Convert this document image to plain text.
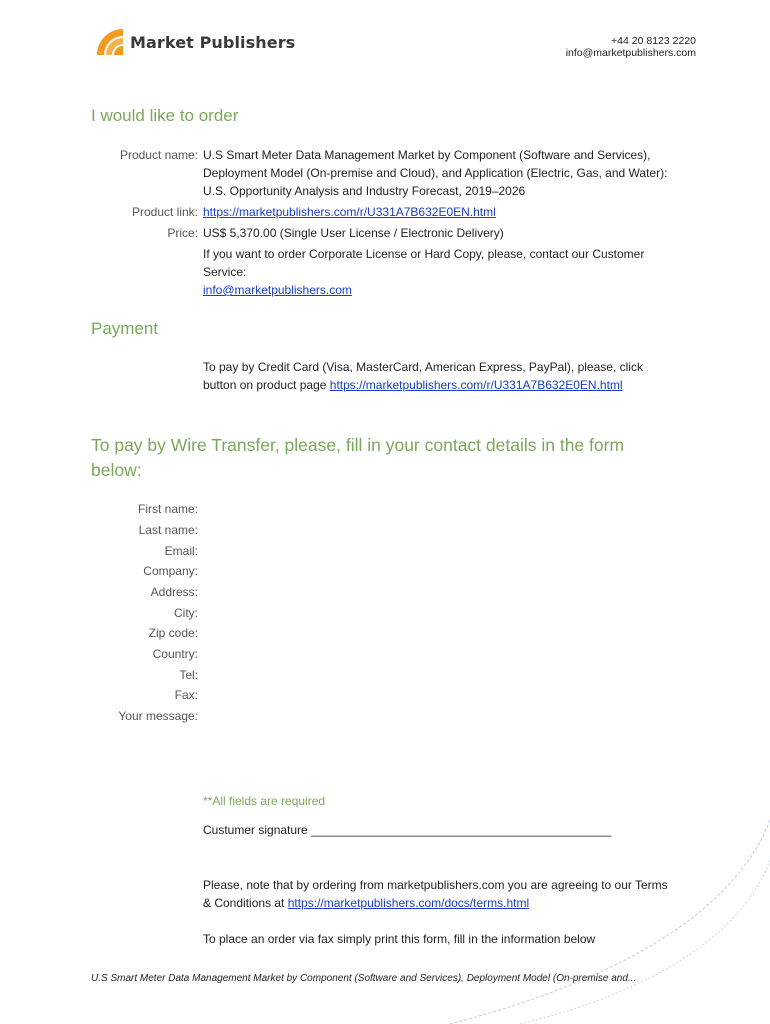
Market Publishers	+44 20 8123 2220
info@marketpublishers.com
I would like to order
Product name: U.S Smart Meter Data Management Market by Component (Software and Services),
Deployment Model (On-premise and Cloud), and Application (Electric, Gas, and Water):
U.S. Opportunity Analysis and Industry Forecast, 2019–2026
Product link: https://marketpublishers.com/r/U331A7B632E0EN.html
Price: US$ 5,370.00 (Single User License / Electronic Delivery)
If you want to order Corporate License or Hard Copy, please, contact our Customer
Service:
info@marketpublishers.com
Payment
To pay by Credit Card (Visa, MasterCard, American Express, PayPal), please, click
button on product page https://marketpublishers.com/r/U331A7B632E0EN.html
To pay by Wire Transfer, please, fill in your contact details in the form
below:
First name:
Last name:
Email:
Company:
Address:
City:
Zip code:
Country:
Tel:
Fax:
Your message:
**All fields are required
Custumer signature _____________________________________________
Please, note that by ordering from marketpublishers.com you are agreeing to our Terms
& Conditions at https://marketpublishers.com/docs/terms.html
To place an order via fax simply print this form, fill in the information below
U.S Smart Meter Data Management Market by Component (Software and Services), Deployment Model (On-premise and...
